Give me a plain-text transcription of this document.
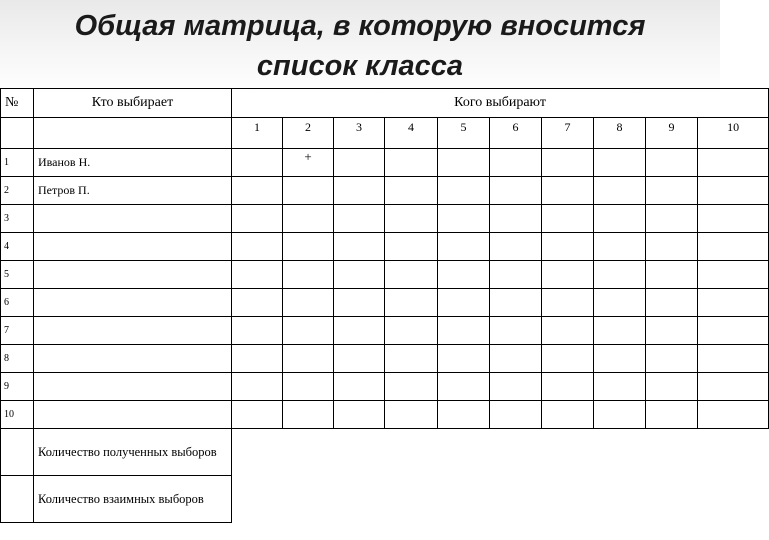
Общая матрица, в которую вносится
список класса
№	Кто выбирает	Кого выбирают									
		1	2	3	4	5	6	7	8	9	10
1	Иванов Н.		+								
2	Петров П.										
3											
4											
5											
6											
7											
8											
9											
10											
	Количество полученных выборов										
	Количество взаимных выборов										
